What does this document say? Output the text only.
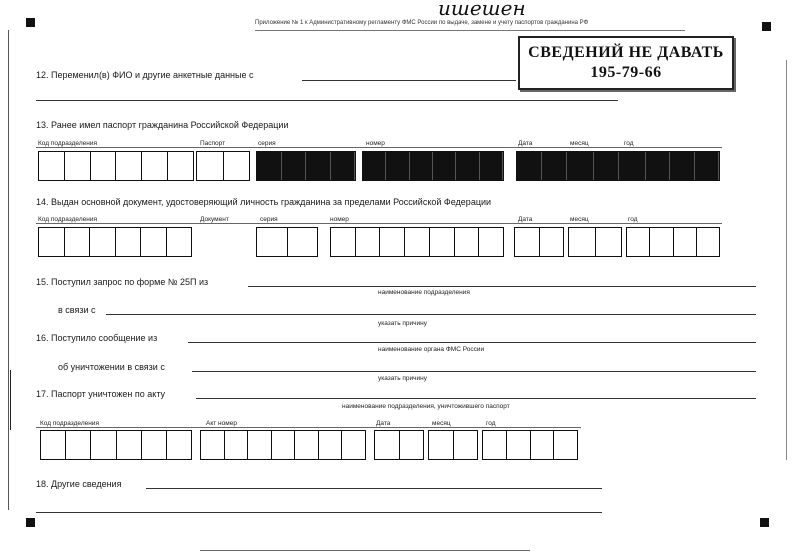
uшешен
Приложение № 1 к Административному регламенту ФМС России по выдаче, замене и учету паспортов гражданина РФ
СВЕДЕНИЙ НЕ ДАВАТЬ
195-79-66
12. Переменил(в) ФИО и другие анкетные данные с
13. Ранее имел паспорт гражданина Российской Федерации
Код подразделения	Паспорт	серия	номер	Дата	месяц	год
14. Выдан основной документ, удостоверяющий личность гражданина за пределами Российской Федерации
Код подразделения	Документ	серия	номер	Дата	месяц	год
15. Поступил запрос по форме № 25П из
наименование подразделения
в связи с
указать причину
16. Поступило сообщение из
наименование органа ФМС России
об уничтожении в связи с
указать причину
17. Паспорт уничтожен по акту
наименование подразделения, уничтожившего паспорт
Код подразделения	Акт номер	Дата	месяц	год
18. Другие сведения
